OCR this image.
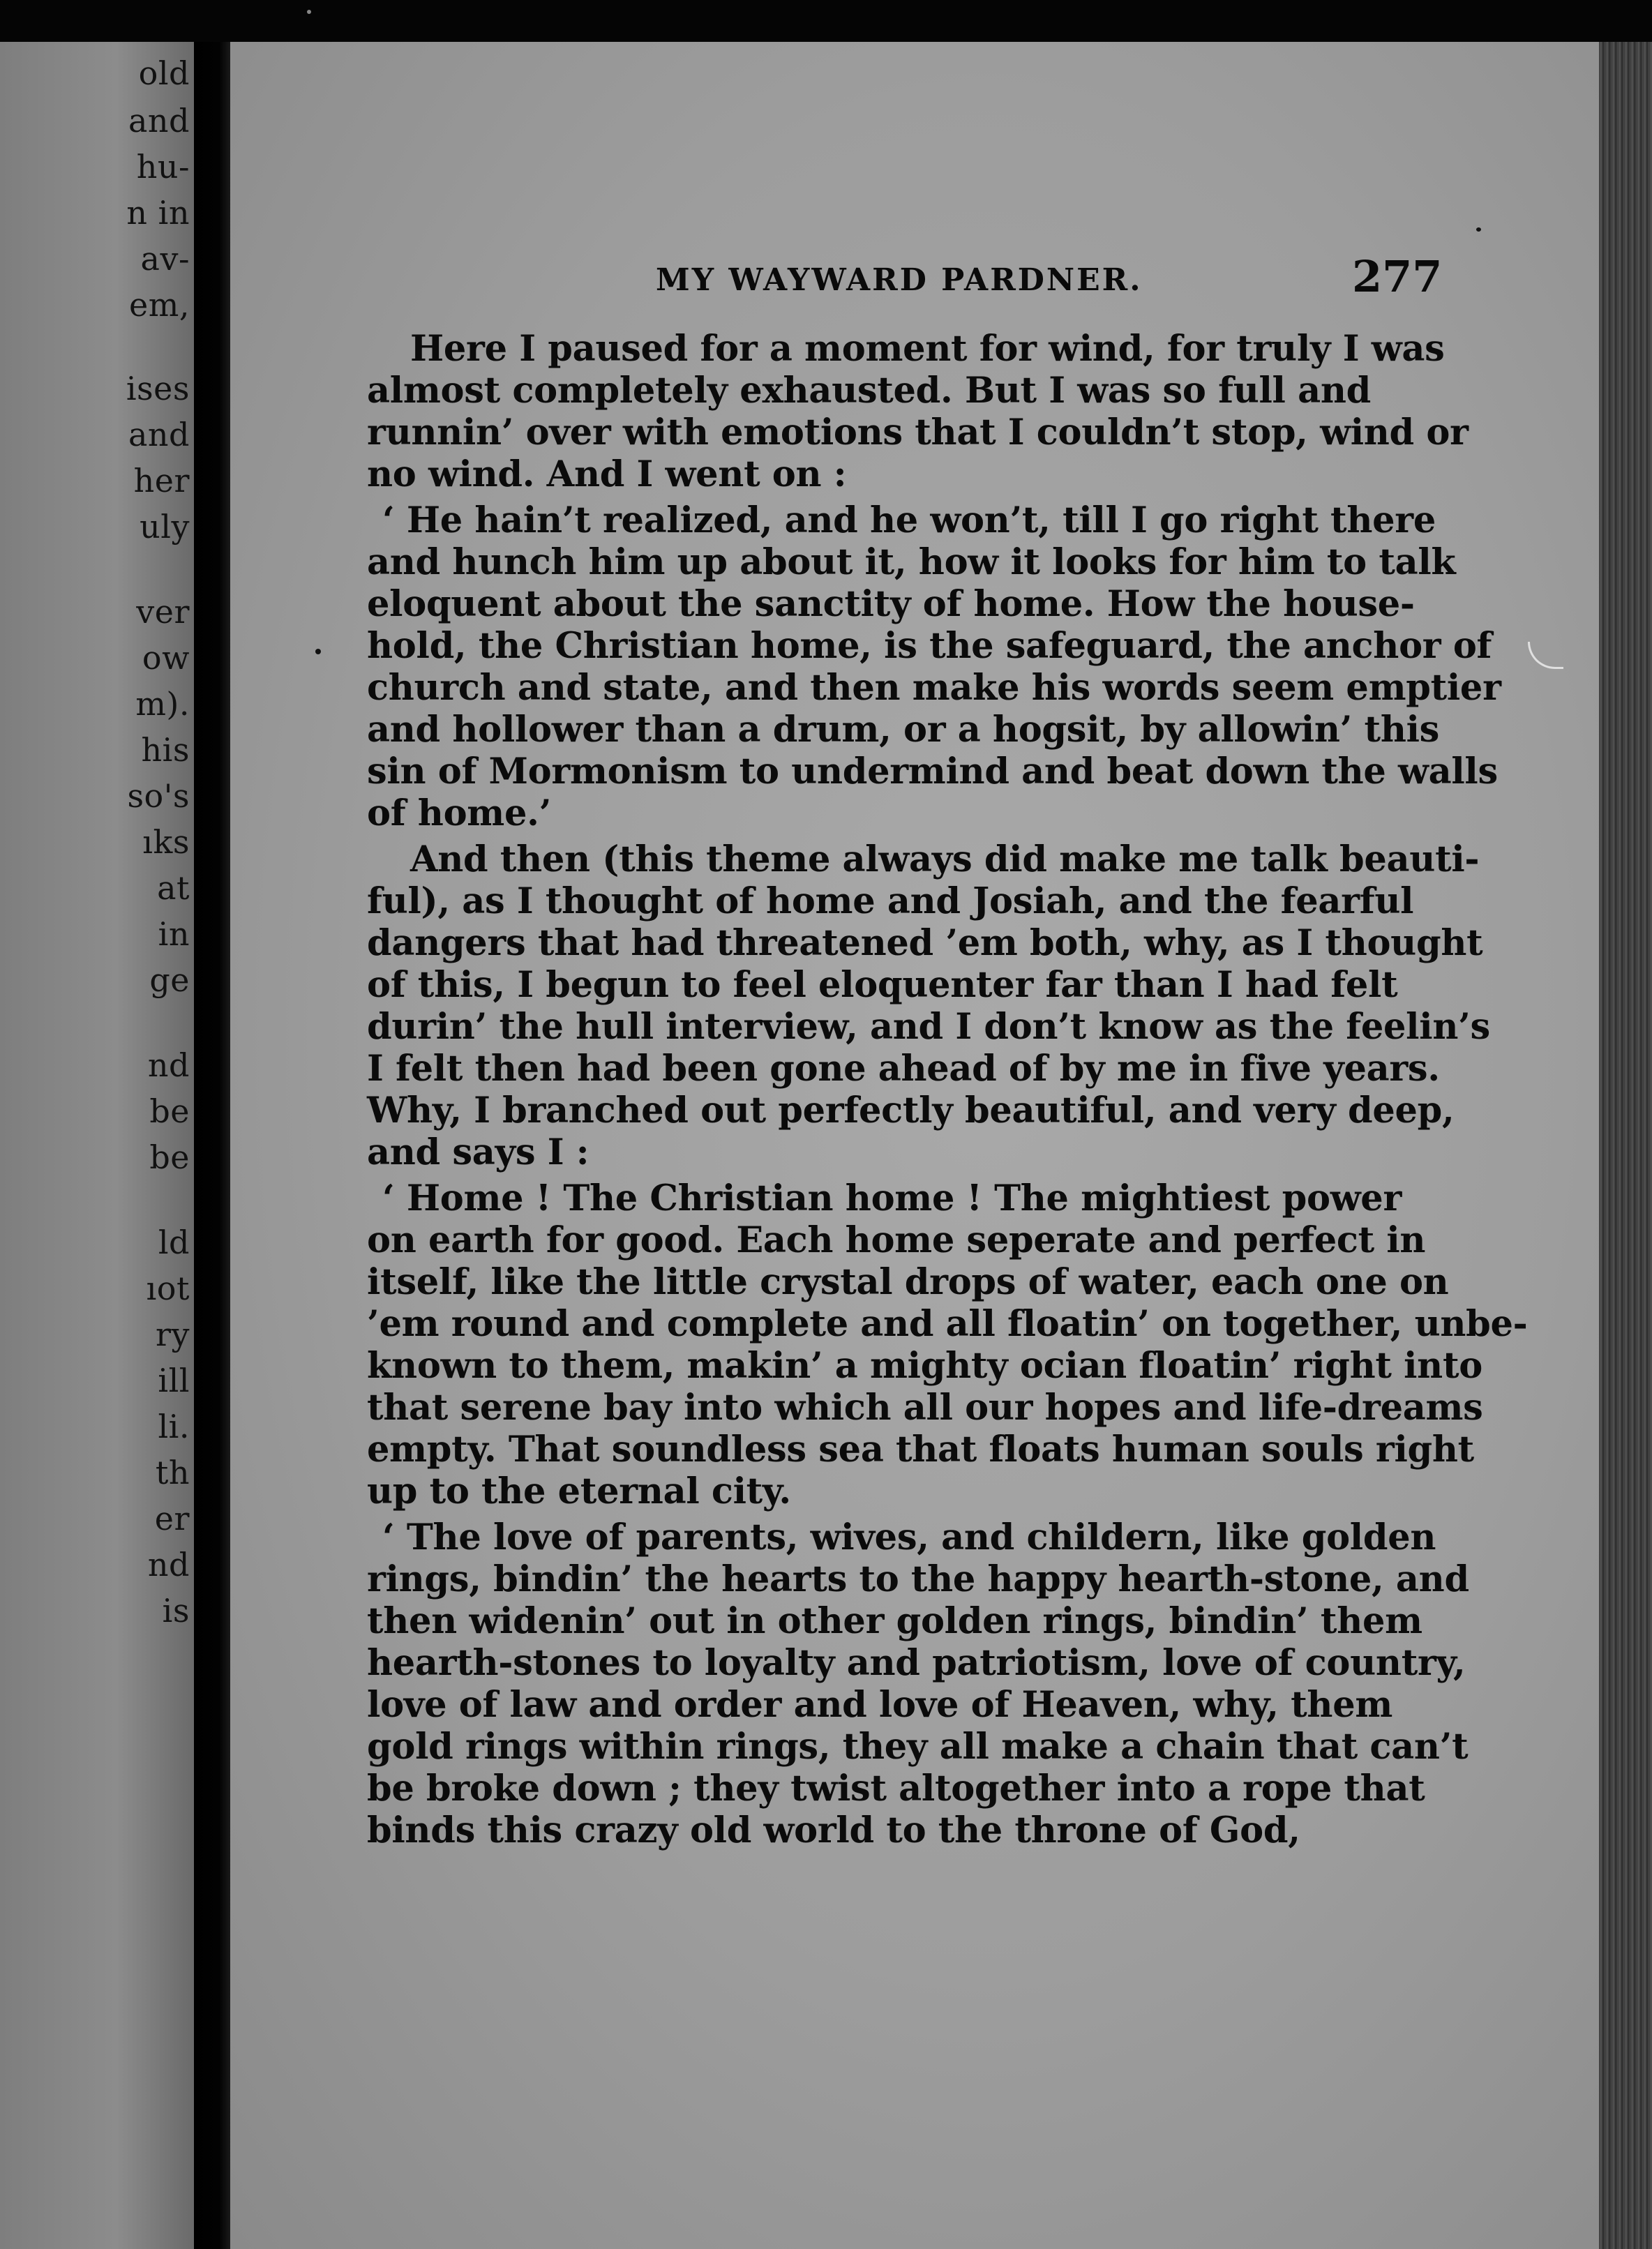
old
and
hu-
n in
av-
em,
ises
and
her
uly
ver
ow
m).
his
so's
ıks
at
in
ge
nd
be
be
ld
ıot
ry
ill
li.
th
er
nd
is
MY WAYWARD PARDNER.	277
Here I paused for a moment for wind, for truly I was
almost completely exhausted. But I was so full and
runnin’ over with emotions that I couldn’t stop, wind or
no wind. And I went on :
‘ He hain’t realized, and he won’t, till I go right there
and hunch him up about it, how it looks for him to talk
eloquent about the sanctity of home. How the house-
hold, the Christian home, is the safeguard, the anchor of
church and state, and then make his words seem emptier
and hollower than a drum, or a hogsit, by allowin’ this
sin of Mormonism to undermind and beat down the walls
of home.’
And then (this theme always did make me talk beauti-
ful), as I thought of home and Josiah, and the fearful
dangers that had threatened ’em both, why, as I thought
of this, I begun to feel eloquenter far than I had felt
durin’ the hull interview, and I don’t know as the feelin’s
I felt then had been gone ahead of by me in five years.
Why, I branched out perfectly beautiful, and very deep,
and says I :
‘ Home ! The Christian home ! The mightiest power
on earth for good. Each home seperate and perfect in
itself, like the little crystal drops of water, each one on
’em round and complete and all floatin’ on together, unbe-
known to them, makin’ a mighty ocian floatin’ right into
that serene bay into which all our hopes and life-dreams
empty. That soundless sea that floats human souls right
up to the eternal city.
‘ The love of parents, wives, and childern, like golden
rings, bindin’ the hearts to the happy hearth-stone, and
then widenin’ out in other golden rings, bindin’ them
hearth-stones to loyalty and patriotism, love of country,
love of law and order and love of Heaven, why, them
gold rings within rings, they all make a chain that can’t
be broke down ; they twist altogether into a rope that
binds this crazy old world to the throne of God,
